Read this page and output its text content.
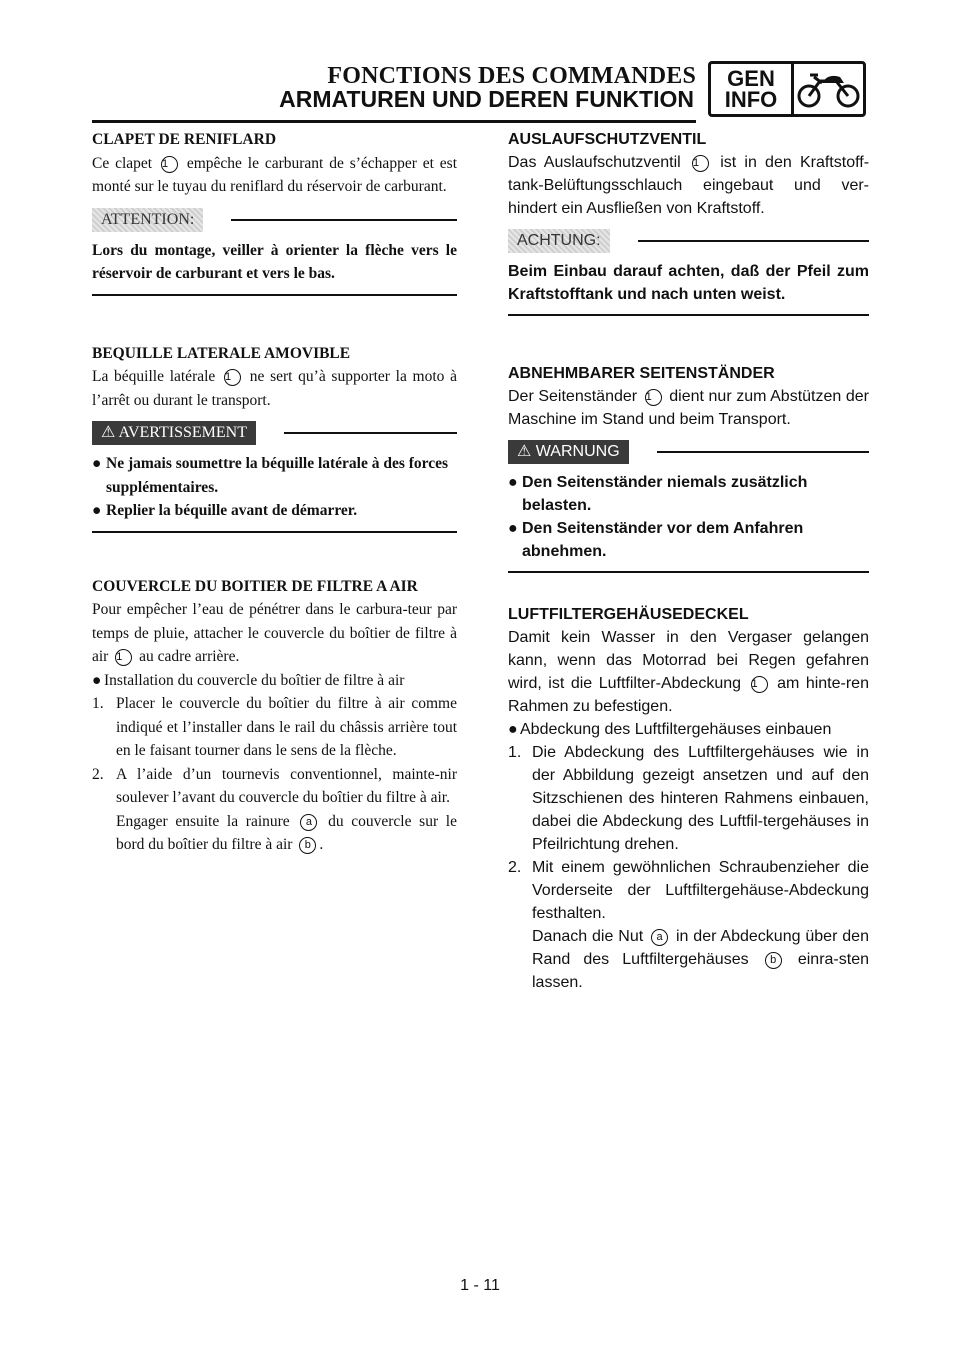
FONCTIONS DES COMMANDES
ARMATUREN UND DEREN FUNKTION
GEN
INFO

CLAPET DE RENIFLARD

Ce clapet 1 empêche le carburant de s’échapper et est monté sur le tuyau du reniflard du réservoir de carburant.

ATTENTION:

Lors du montage, veiller à orienter la flèche vers le réservoir de carburant et vers le bas.

BEQUILLE LATERALE AMOVIBLE

La béquille latérale 1 ne sert qu’à supporter la moto à l’arrêt ou durant le transport.

⚠ AVERTISSEMENT
● Ne jamais soumettre la béquille latérale à des forces supplémentaires.
● Replier la béquille avant de démarrer.

COUVERCLE DU BOITIER DE FILTRE A AIR

Pour empêcher l’eau de pénétrer dans le carbura-teur par temps de pluie, attacher le couvercle du boîtier de filtre à air 1 au cadre arrière.

● Installation du couvercle du boîtier de filtre à air
1. Placer le couvercle du boîtier du filtre à air comme indiqué et l’installer dans le rail du châssis arrière tout en le faisant tourner dans le sens de la flèche.
2. A l’aide d’un tournevis conventionnel, mainte-nir soulever l’avant du couvercle du boîtier du filtre à air.
Engager ensuite la rainure a du couvercle sur le bord du boîtier du filtre à air b .

AUSLAUFSCHUTZVENTIL

Das Auslaufschutzventil 1 ist in den Kraftstoff-tank-Belüftungsschlauch eingebaut und ver-hindert ein Ausfließen von Kraftstoff.

ACHTUNG:

Beim Einbau darauf achten, daß der Pfeil zum Kraftstofftank und nach unten weist.

ABNEHMBARER SEITENSTÄNDER

Der Seitenständer 1 dient nur zum Abstützen der Maschine im Stand und beim Transport.

⚠ WARNUNG
● Den Seitenständer niemals zusätzlich belasten.
● Den Seitenständer vor dem Anfahren abnehmen.

LUFTFILTERGEHÄUSEDECKEL

Damit kein Wasser in den Vergaser gelangen kann, wenn das Motorrad bei Regen gefahren wird, ist die Luftfilter-Abdeckung 1 am hinte-ren Rahmen zu befestigen.

● Abdeckung des Luftfiltergehäuses einbauen
1. Die Abdeckung des Luftfiltergehäuses wie in der Abbildung gezeigt ansetzen und auf den Sitzschienen des hinteren Rahmens einbauen, dabei die Abdeckung des Luftfil-tergehäuses in Pfeilrichtung drehen.
2. Mit einem gewöhnlichen Schraubenzieher die Vorderseite der Luftfiltergehäuse-Abdeckung festhalten.
Danach die Nut a in der Abdeckung über den Rand des Luftfiltergehäuses b einra-sten lassen.
1 - 11
